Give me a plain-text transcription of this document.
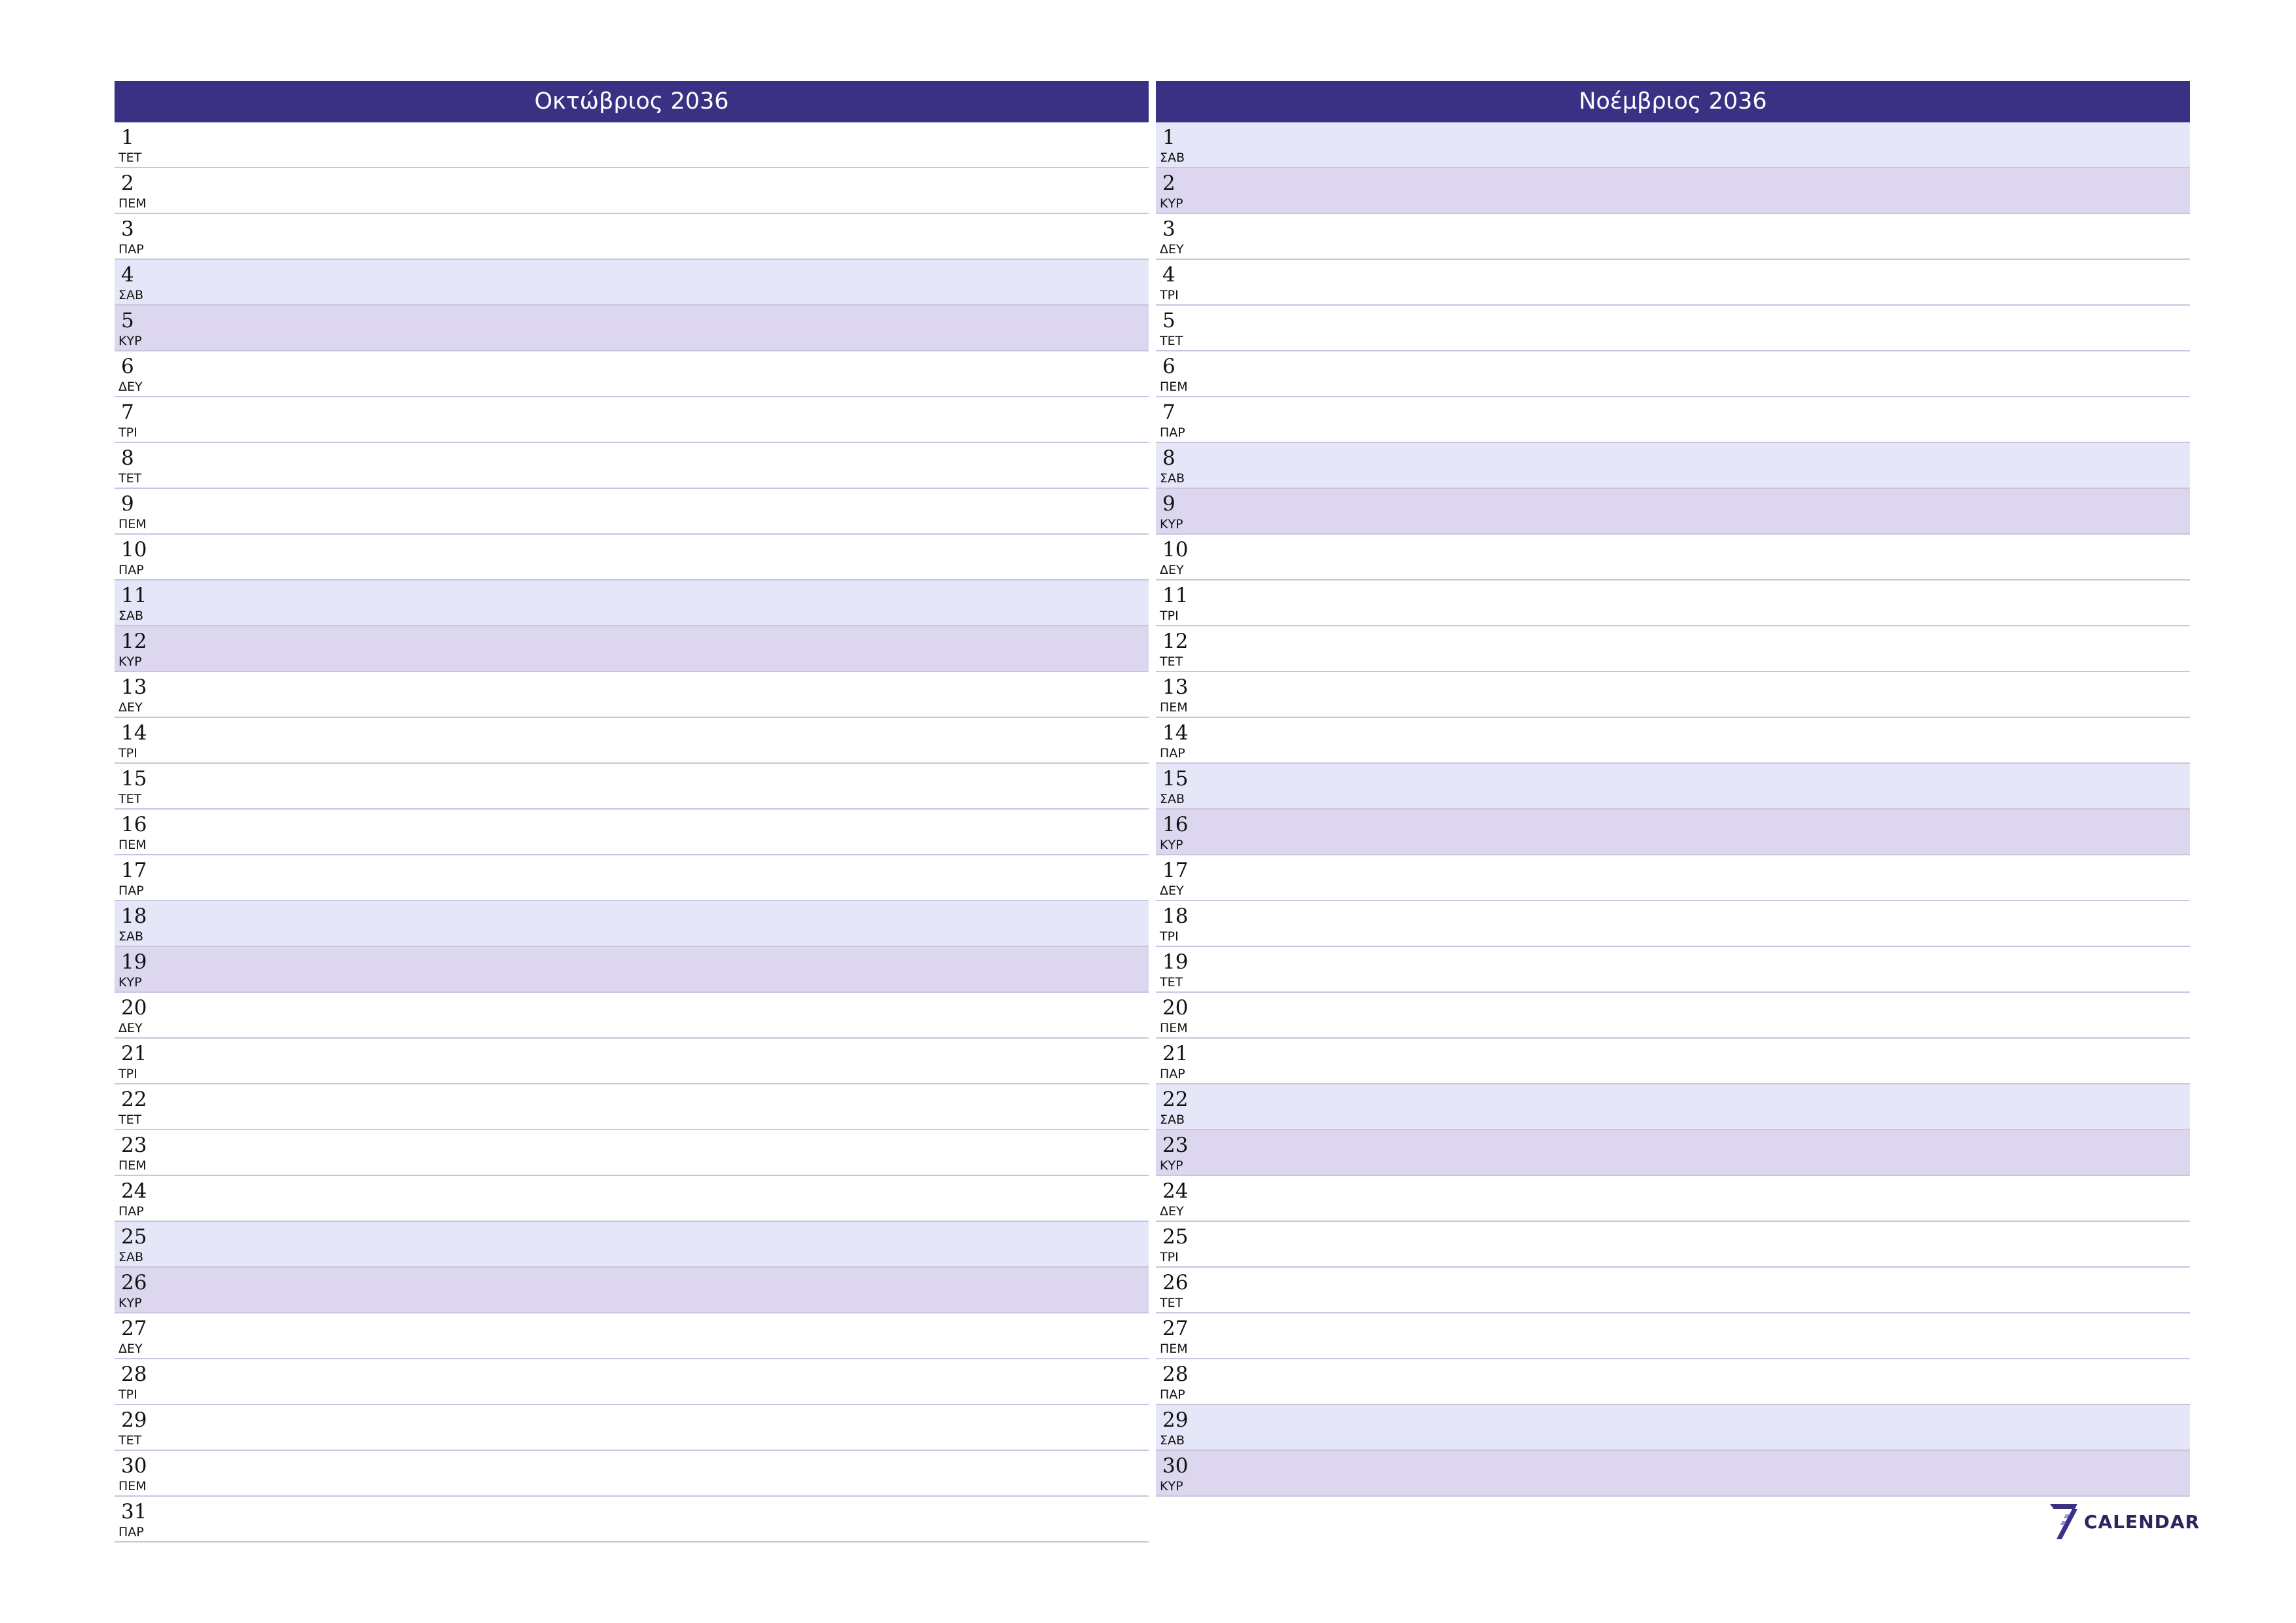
Οκτώβριος 2036
1
ΤΕΤ
2
ΠΕΜ
3
ΠΑΡ
4
ΣΑΒ
5
ΚΥΡ
6
ΔΕΥ
7
ΤΡΙ
8
ΤΕΤ
9
ΠΕΜ
10
ΠΑΡ
11
ΣΑΒ
12
ΚΥΡ
13
ΔΕΥ
14
ΤΡΙ
15
ΤΕΤ
16
ΠΕΜ
17
ΠΑΡ
18
ΣΑΒ
19
ΚΥΡ
20
ΔΕΥ
21
ΤΡΙ
22
ΤΕΤ
23
ΠΕΜ
24
ΠΑΡ
25
ΣΑΒ
26
ΚΥΡ
27
ΔΕΥ
28
ΤΡΙ
29
ΤΕΤ
30
ΠΕΜ
31
ΠΑΡ
Νοέμβριος 2036
1
ΣΑΒ
2
ΚΥΡ
3
ΔΕΥ
4
ΤΡΙ
5
ΤΕΤ
6
ΠΕΜ
7
ΠΑΡ
8
ΣΑΒ
9
ΚΥΡ
10
ΔΕΥ
11
ΤΡΙ
12
ΤΕΤ
13
ΠΕΜ
14
ΠΑΡ
15
ΣΑΒ
16
ΚΥΡ
17
ΔΕΥ
18
ΤΡΙ
19
ΤΕΤ
20
ΠΕΜ
21
ΠΑΡ
22
ΣΑΒ
23
ΚΥΡ
24
ΔΕΥ
25
ΤΡΙ
26
ΤΕΤ
27
ΠΕΜ
28
ΠΑΡ
29
ΣΑΒ
30
ΚΥΡ
CALENDAR
